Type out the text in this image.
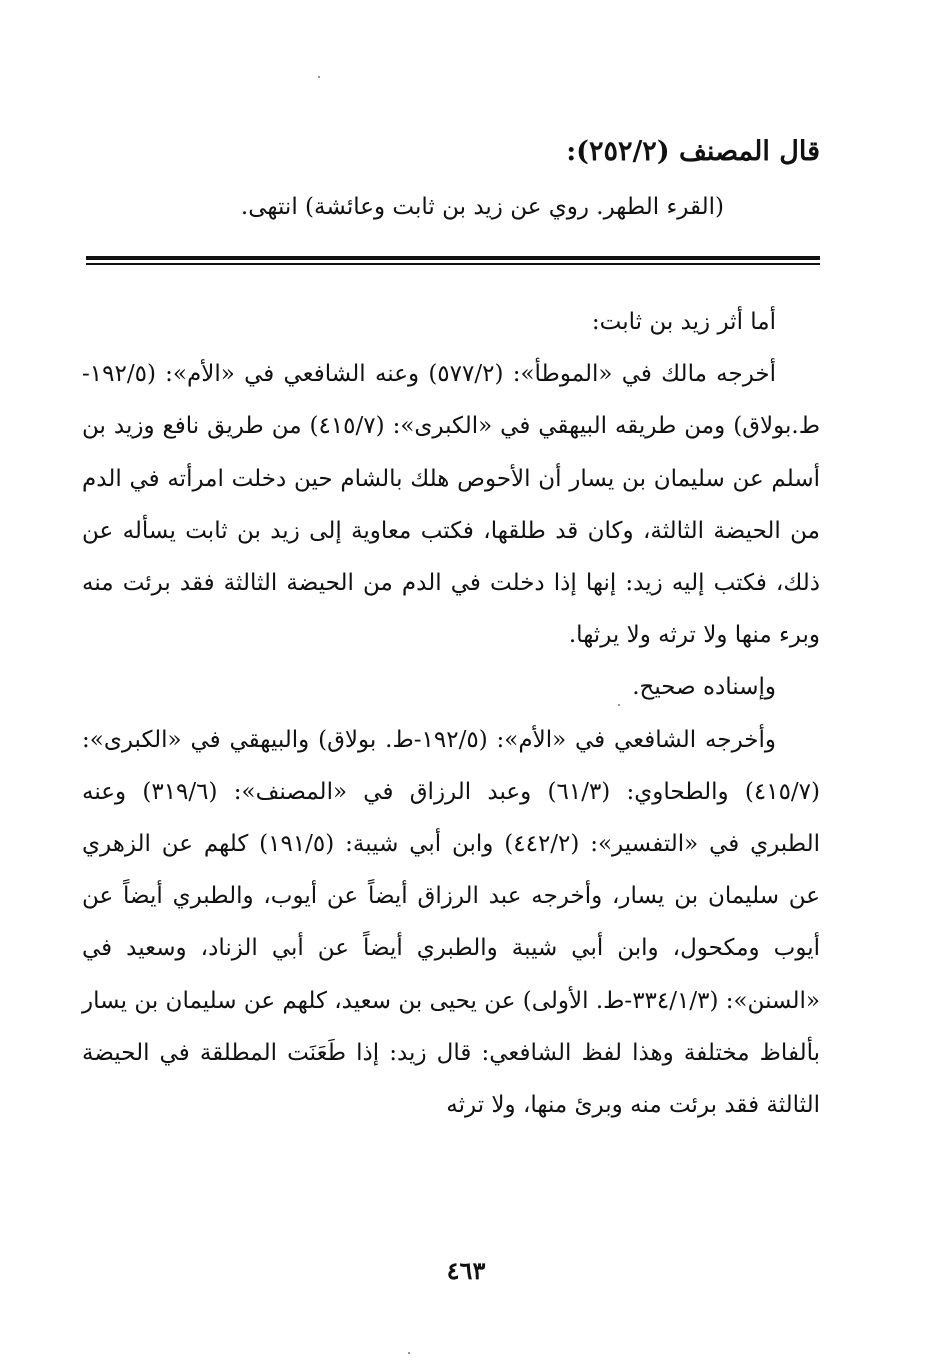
قال المصنف (٢٥٢/٢):
(القرء الطهر. روي عن زيد بن ثابت وعائشة) انتهى.

أما أثر زيد بن ثابت:

أخرجه مالك في «الموطأ»: (٥٧٧/٢) وعنه الشافعي في «الأم»: (١٩٢/٥-ط.بولاق) ومن طريقه البيهقي في «الكبرى»: (٤١٥/٧) من طريق نافع وزيد بن أسلم عن سليمان بن يسار أن الأحوص هلك بالشام حين دخلت امرأته في الدم من الحيضة الثالثة، وكان قد طلقها، فكتب معاوية إلى زيد بن ثابت يسأله عن ذلك، فكتب إليه زيد: إنها إذا دخلت في الدم من الحيضة الثالثة فقد برئت منه وبرء منها ولا ترثه ولا يرثها.

وإسناده صحيح.

وأخرجه الشافعي في «الأم»: (١٩٢/٥-ط. بولاق) والبيهقي في «الكبرى»: (٤١٥/٧) والطحاوي: (٦١/٣) وعبد الرزاق في «المصنف»: (٣١٩/٦) وعنه الطبري في «التفسير»: (٤٤٢/٢) وابن أبي شيبة: (١٩١/٥) كلهم عن الزهري عن سليمان بن يسار، وأخرجه عبد الرزاق أيضاً عن أيوب، والطبري أيضاً عن أيوب ومكحول، وابن أبي شيبة والطبري أيضاً عن أبي الزناد، وسعيد في «السنن»: (٣٣٤/١/٣-ط. الأولى) عن يحيى بن سعيد، كلهم عن سليمان بن يسار بألفاظ مختلفة وهذا لفظ الشافعي: قال زيد: إذا طَعَنَت المطلقة في الحيضة الثالثة فقد برئت منه وبرئ منها، ولا ترثه

٤٦٣
